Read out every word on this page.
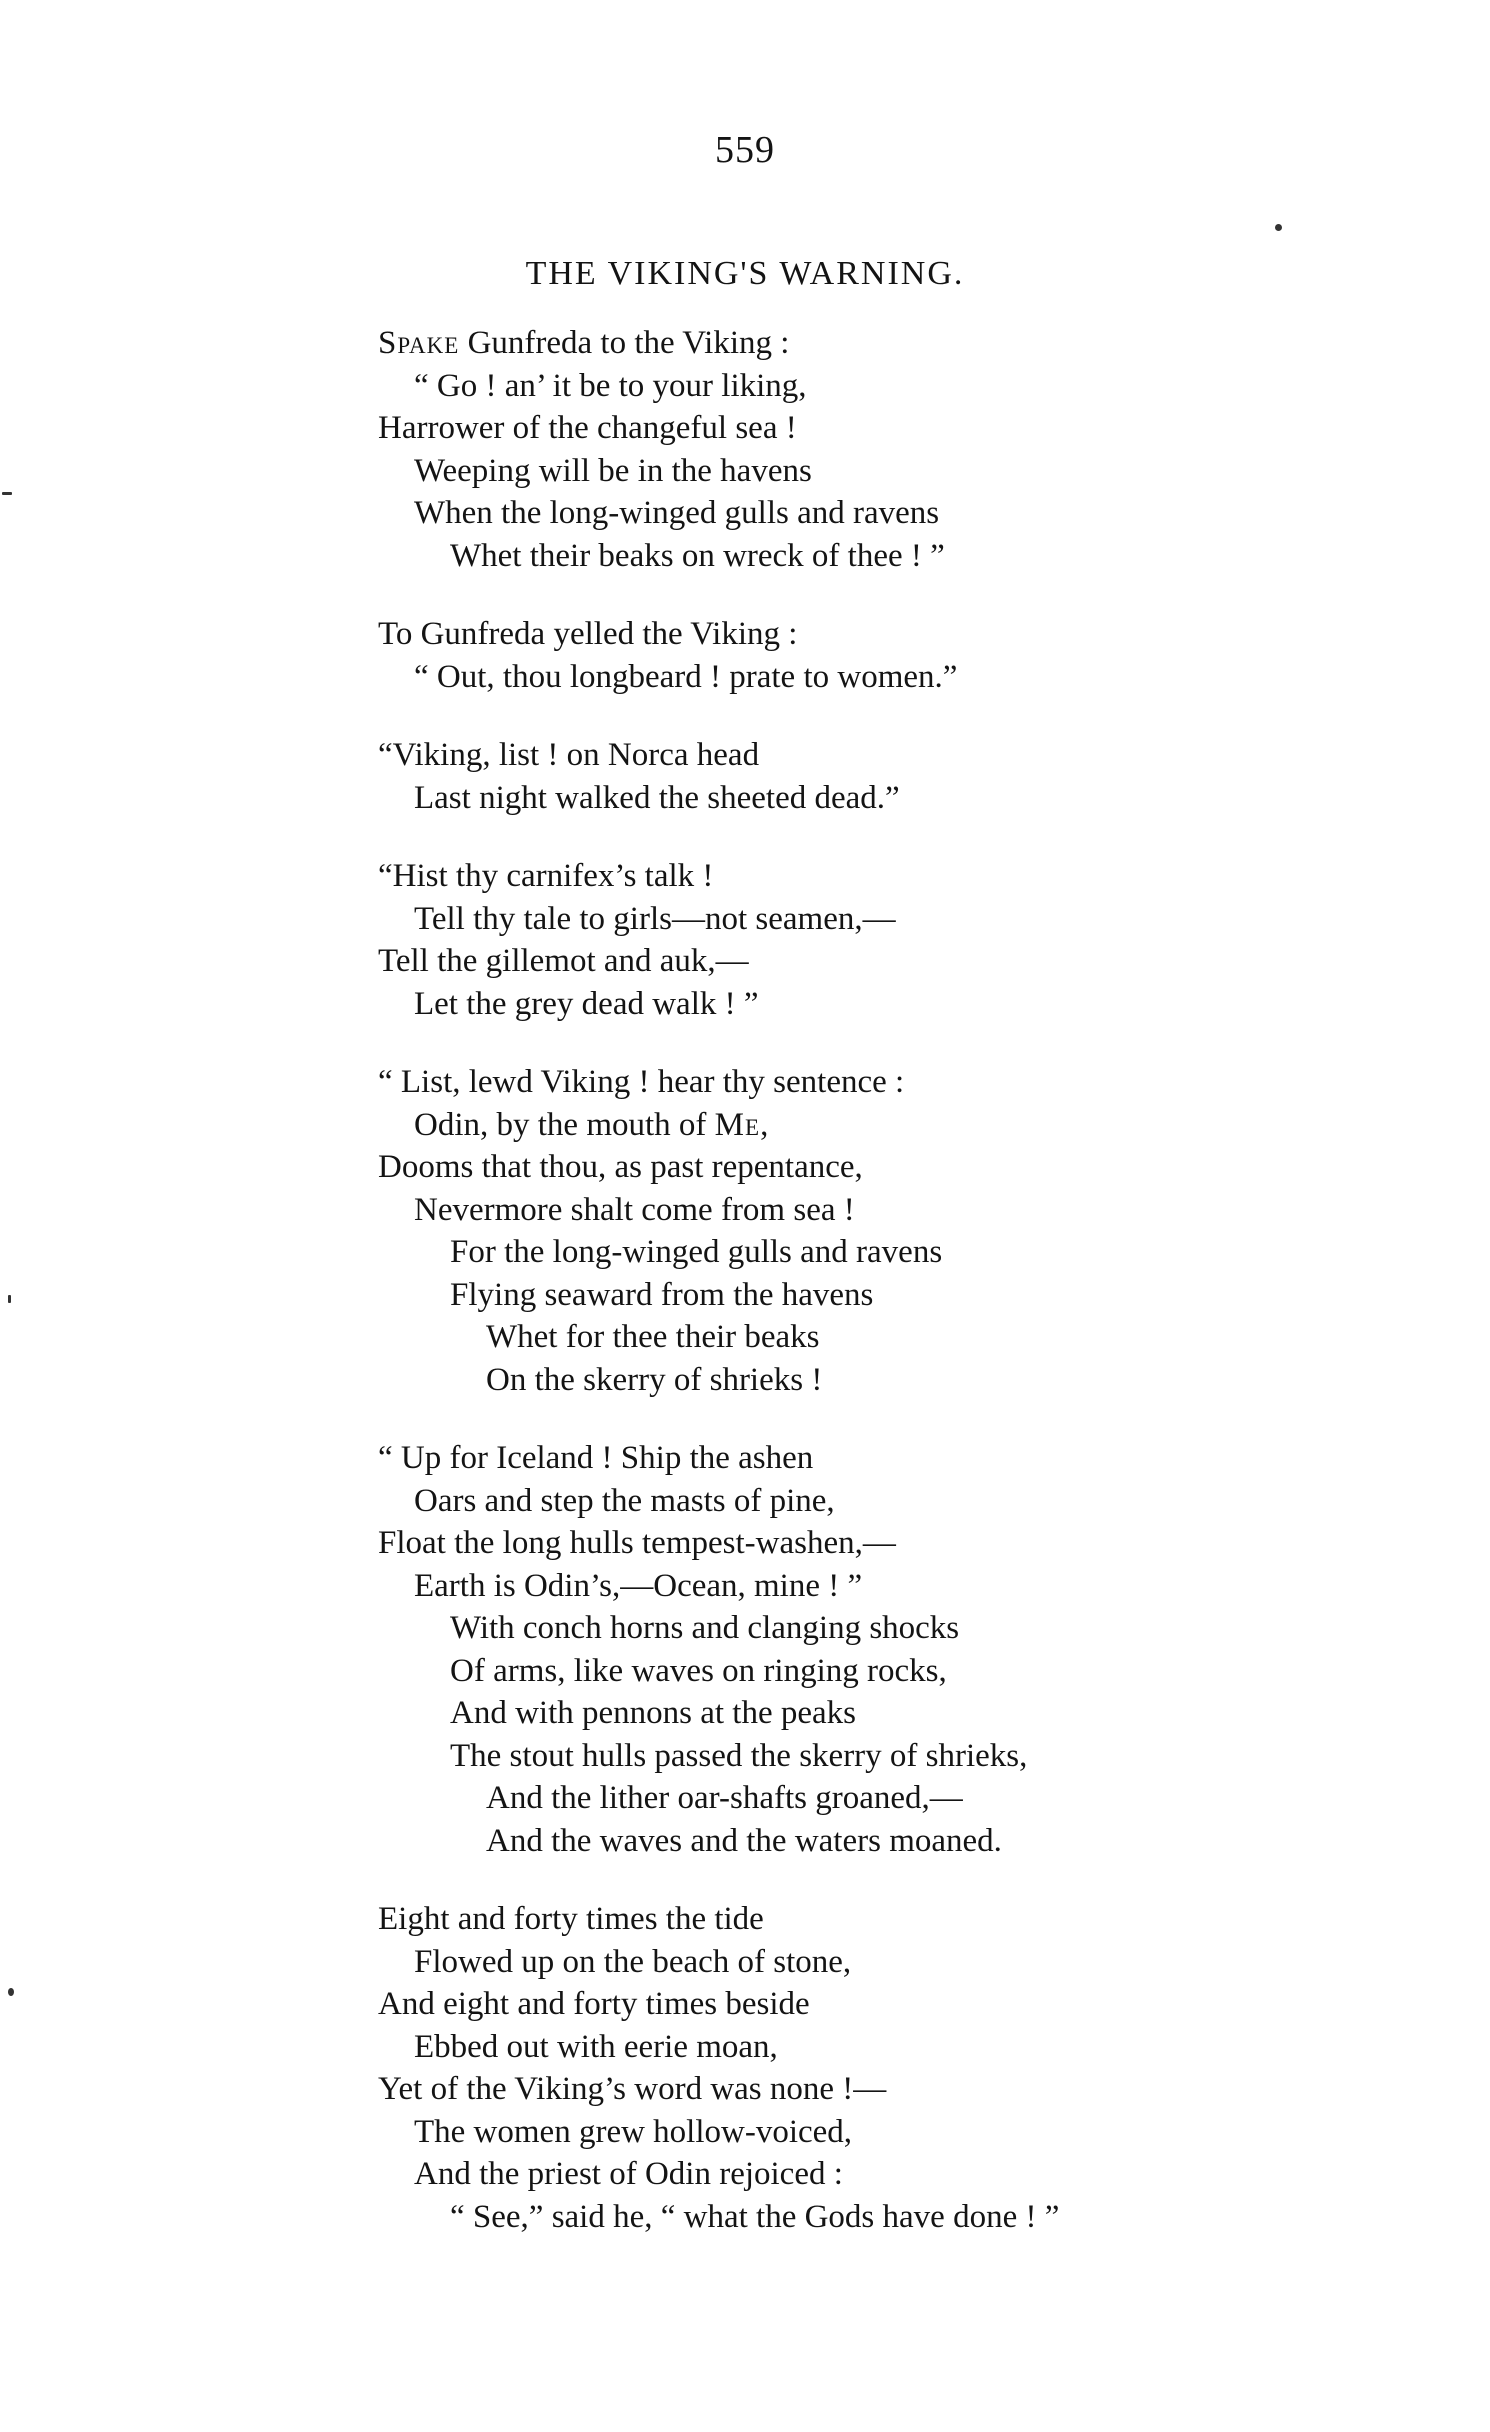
559
THE VIKING'S WARNING.
Spake Gunfreda to the Viking :
“ Go ! an’ it be to your liking,
Harrower of the changeful sea !
Weeping will be in the havens
When the long-winged gulls and ravens
Whet their beaks on wreck of thee ! ”
To Gunfreda yelled the Viking :
“ Out, thou longbeard ! prate to women.”
“Viking, list ! on Norca head
Last night walked the sheeted dead.”
“Hist thy carnifex’s talk !
Tell thy tale to girls—not seamen,—
Tell the gillemot and auk,—
Let the grey dead walk ! ”
“ List, lewd Viking ! hear thy sentence :
Odin, by the mouth of Me,
Dooms that thou, as past repentance,
Nevermore shalt come from sea !
For the long-winged gulls and ravens
Flying seaward from the havens
Whet for thee their beaks
On the skerry of shrieks !
“ Up for Iceland ! Ship the ashen
Oars and step the masts of pine,
Float the long hulls tempest-washen,—
Earth is Odin’s,—Ocean, mine ! ”
With conch horns and clanging shocks
Of arms, like waves on ringing rocks,
And with pennons at the peaks
The stout hulls passed the skerry of shrieks,
And the lither oar-shafts groaned,—
And the waves and the waters moaned.
Eight and forty times the tide
Flowed up on the beach of stone,
And eight and forty times beside
Ebbed out with eerie moan,
Yet of the Viking’s word was none !—
The women grew hollow-voiced,
And the priest of Odin rejoiced :
“ See,” said he, “ what the Gods have done ! ”
